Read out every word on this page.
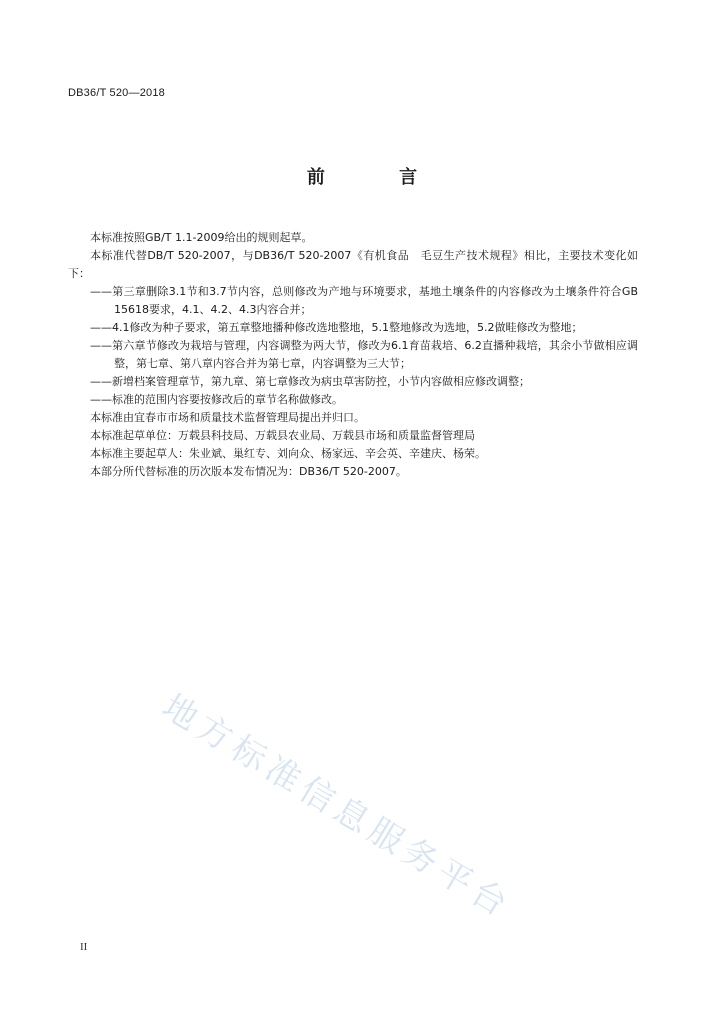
DB36/T 520—2018
前 言

本标准按照GB/T 1.1-2009给出的规则起草。

本标准代替DB/T 520-2007，与DB36/T 520-2007《有机食品　毛豆生产技术规程》相比，主要技术变化如下：

——第三章删除3.1节和3.7节内容，总则修改为产地与环境要求，基地土壤条件的内容修改为土壤条件符合GB 15618要求，4.1、4.2、4.3内容合并；

——4.1修改为种子要求，第五章整地播种修改选地整地，5.1整地修改为选地，5.2做畦修改为整地；

——第六章节修改为栽培与管理，内容调整为两大节，修改为6.1育苗栽培、6.2直播种栽培，其余小节做相应调整，第七章、第八章内容合并为第七章，内容调整为三大节；

——新增档案管理章节，第九章、第七章修改为病虫草害防控，小节内容做相应修改调整；

——标准的范围内容要按修改后的章节名称做修改。

本标准由宜春市市场和质量技术监督管理局提出并归口。

本标准起草单位：万载县科技局、万载县农业局、万载县市场和质量监督管理局

本标准主要起草人：朱业斌、巢红专、刘向众、杨家远、辛会英、辛建庆、杨荣。

本部分所代替标准的历次版本发布情况为：DB36/T 520-2007。

地方标准信息服务平台
II
